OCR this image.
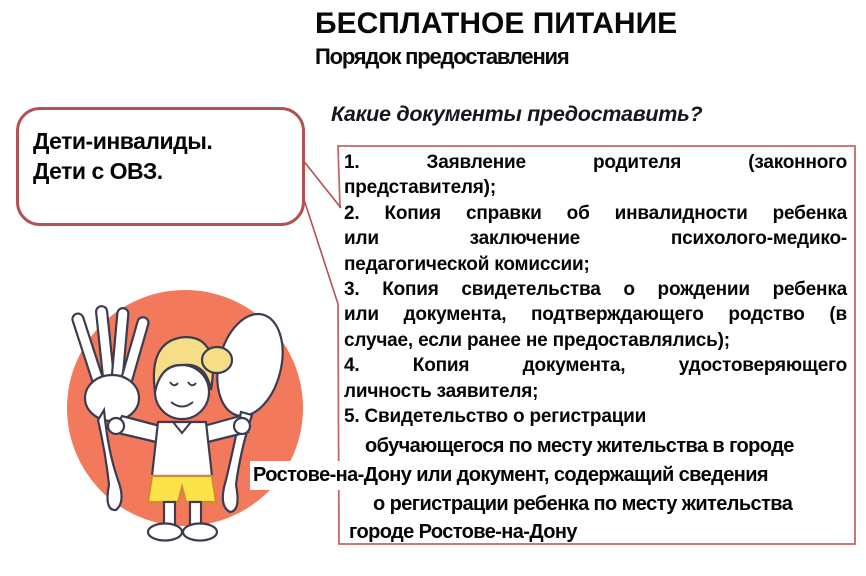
БЕСПЛАТНОЕ ПИТАНИЕ
Порядок предоставления
Какие документы предоставить?
Дети-инвалиды.
Дети с ОВЗ.	1. Заявление родителя (законного
представителя);
2. Копия справки об инвалидности ребенка
или заключение психолого-медико-
педагогической комиссии;
3. Копия свидетельства о рождении ребенка
или документа, подтверждающего родство (в
случае, если ранее не предоставлялись);
4. Копия документа, удостоверяющего
личность заявителя;
5. Свидетельство о регистрации
обучающегося по месту жительства в городе
Ростове-на-Дону или документ, содержащий сведения
о регистрации ребенка по месту жительства
городе Ростове-на-Дону
